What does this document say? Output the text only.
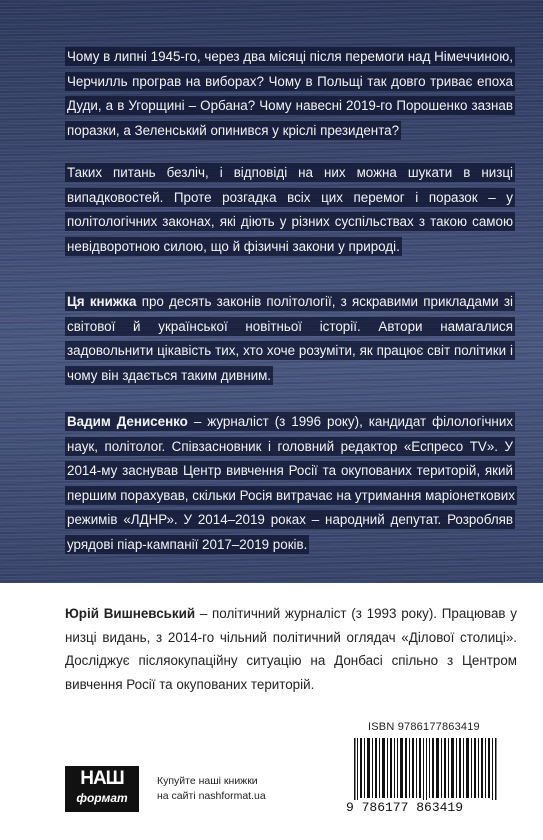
Чому в липні 1945-го, через два місяці після перемоги над Німеччиною, Черчилль програв на виборах? Чому в Польщі так довго триває епоха Дуди, а в Угорщині – Орбана? Чому навесні 2019-го Порошенко зазнав поразки, а Зеленський опинився у кріслі президента?

Таких питань безліч, і відповіді на них можна шукати в низці випадковостей. Проте розгадка всіх цих перемог і поразок – у політологічних законах, які діють у різних суспільствах з такою самою невідворотною силою, що й фізичні закони у природі.

Ця книжка про десять законів політології, з яскравими прикладами зі світової й української новітньої історії. Автори намагалися задовольнити цікавість тих, хто хоче розуміти, як працює світ політики і чому він здається таким дивним.

Вадим Денисенко – журналіст (з 1996 року), кандидат філологічних наук, політолог. Співзасновник і головний редактор «Еспресо TV». У 2014-му заснував Центр вивчення Росії та окупованих територій, який першим порахував, скільки Росія витрачає на утримання маріонеткових режимів «ЛДНР». У 2014–2019 роках – народний депутат. Розробляв урядові піар-кампанії 2017–2019 років.

Юрій Вишневський – політичний журналіст (з 1993 року). Працював у низці видань, з 2014-го чільний політичний оглядач «Ділової столиці». Досліджує післяокупаційну ситуацію на Донбасі спільно з Центром вивчення Росії та окупованих територій.

ISBN 9786177863419
9 786177 863419
НАШ
формат
Купуйте наші книжки
на сайті nashformat.ua
